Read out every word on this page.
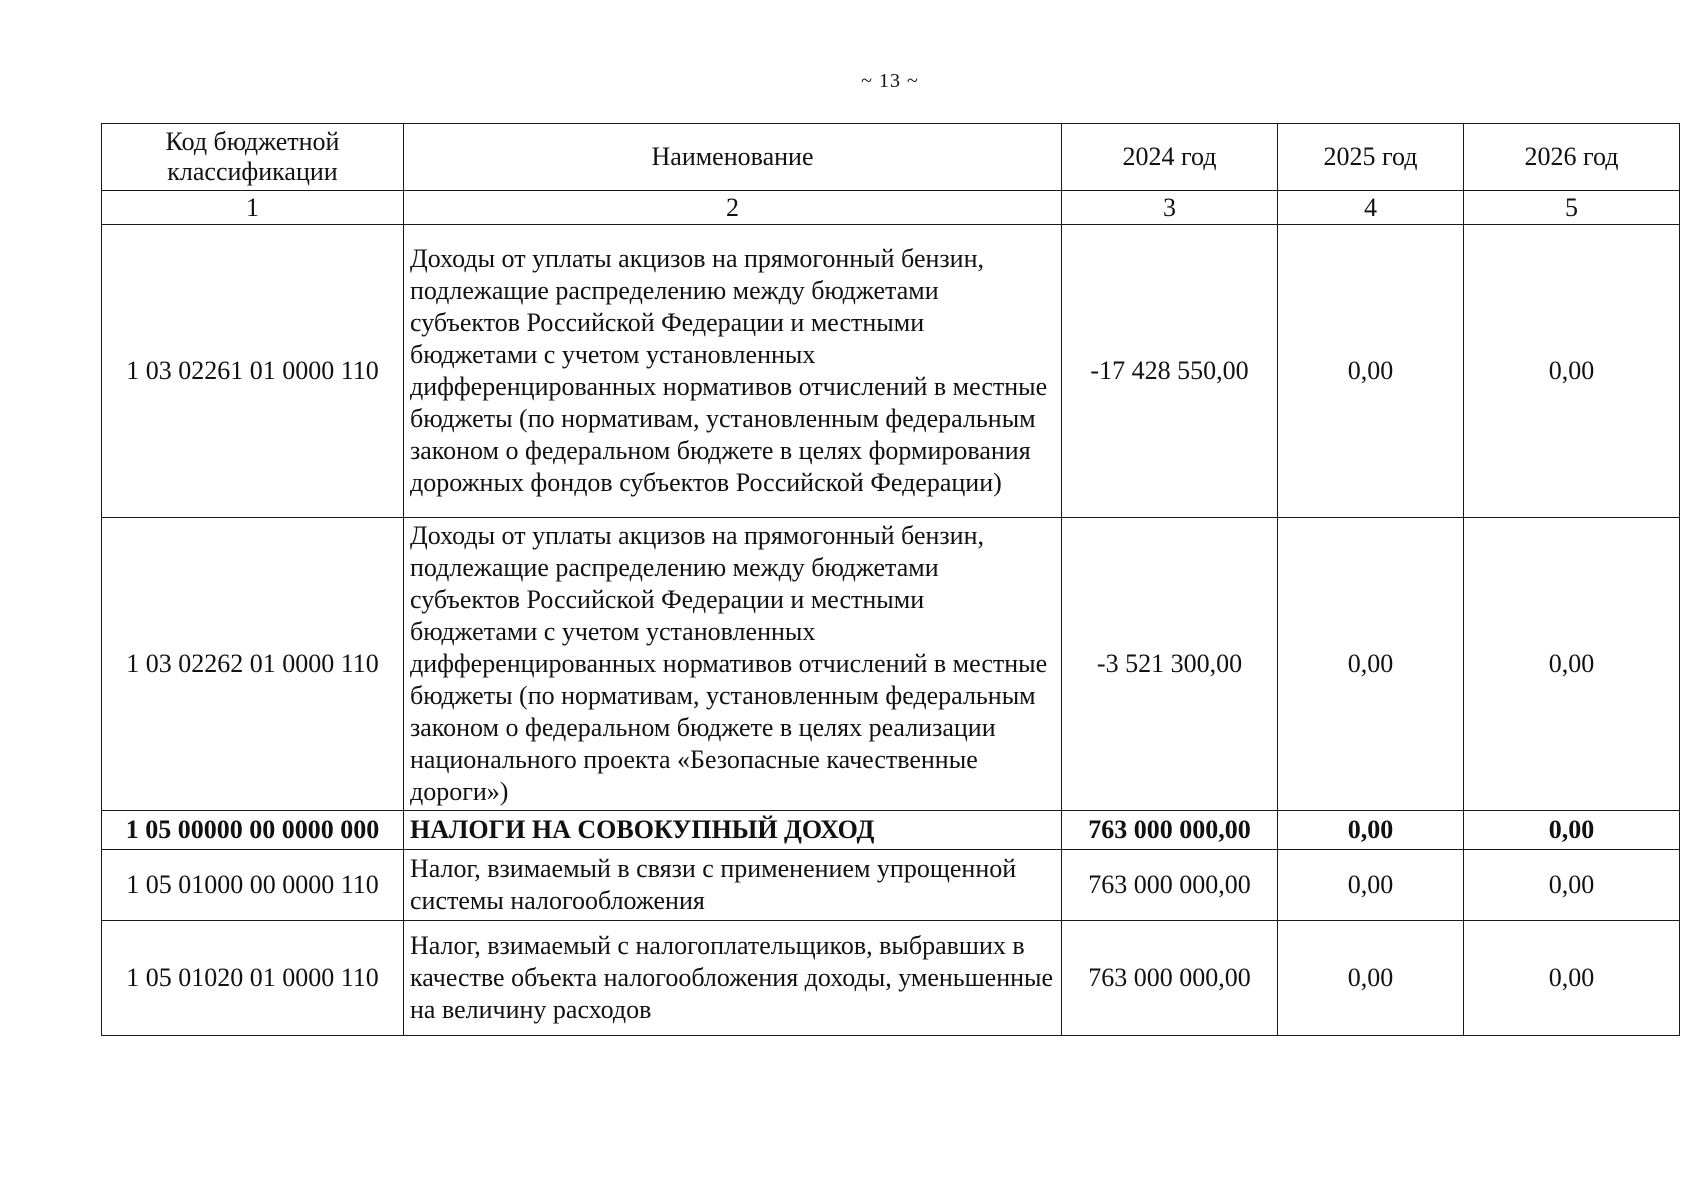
~ 13 ~
Код бюджетной классификации	Наименование	2024 год	2025 год	2026 год
1	2	3	4	5
1 03 02261 01 0000 110	Доходы от уплаты акцизов на прямогонный бензин, подлежащие распределению между бюджетами субъектов Российской Федерации и местными бюджетами с учетом установленных дифференцированных нормативов отчислений в местные бюджеты (по нормативам, установленным федеральным законом о федеральном бюджете в целях формирования дорожных фондов субъектов Российской Федерации)	-17 428 550,00	0,00	0,00
1 03 02262 01 0000 110	Доходы от уплаты акцизов на прямогонный бензин, подлежащие распределению между бюджетами субъектов Российской Федерации и местными бюджетами с учетом установленных дифференцированных нормативов отчислений в местные бюджеты (по нормативам, установленным федеральным законом о федеральном бюджете в целях реализации национального проекта «Безопасные качественные дороги»)	-3 521 300,00	0,00	0,00
1 05 00000 00 0000 000	НАЛОГИ НА СОВОКУПНЫЙ ДОХОД	763 000 000,00	0,00	0,00
1 05 01000 00 0000 110	Налог, взимаемый в связи с применением упрощенной системы налогообложения	763 000 000,00	0,00	0,00
1 05 01020 01 0000 110	Налог, взимаемый с налогоплательщиков, выбравших в качестве объекта налогообложения доходы, уменьшенные на величину расходов	763 000 000,00	0,00	0,00
